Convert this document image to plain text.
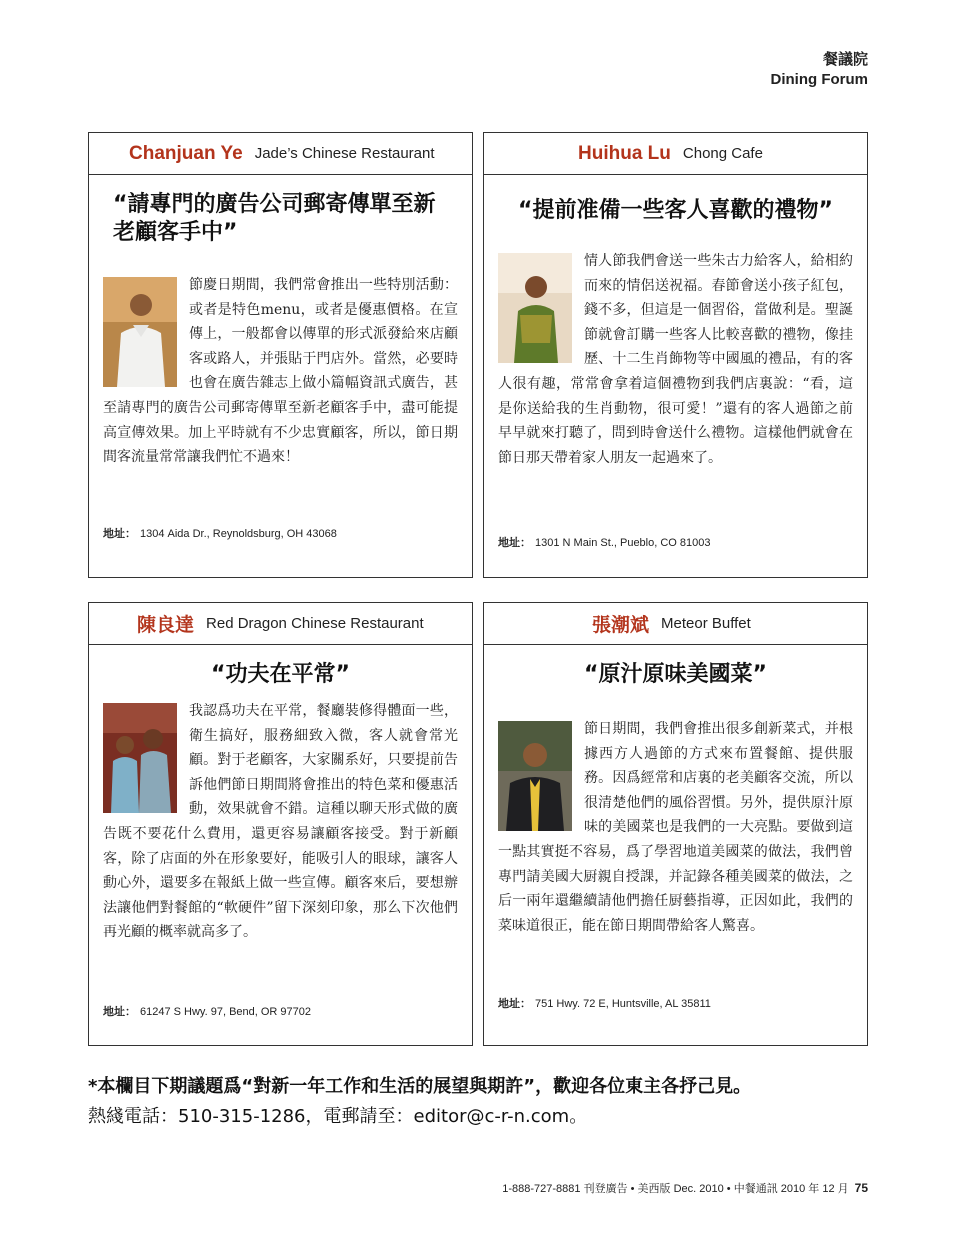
餐議院
Dining Forum
Chanjuan Ye Jade’s Chinese Restaurant
“請專門的廣告公司郵寄傳單至新老顧客手中”
節慶日期間，我們常會推出一些特別活動：或者是特色menu，或者是優惠價格。在宣傳上，一般都會以傳單的形式派發給來店顧客或路人，并張貼于門店外。當然，必要時也會在廣告雜志上做小篇幅資訊式廣告，甚至請專門的廣告公司郵寄傳單至新老顧客手中，盡可能提高宣傳效果。加上平時就有不少忠實顧客，所以，節日期間客流量常常讓我們忙不過來！
地址： 1304 Aida Dr., Reynoldsburg, OH 43068
Huihua Lu Chong Cafe
“提前准備一些客人喜歡的禮物”
情人節我們會送一些朱古力給客人，給相約而來的情侶送祝福。春節會送小孩子紅包，錢不多，但這是一個習俗，當做利是。聖誕節就會訂購一些客人比較喜歡的禮物，像挂歷、十二生肖飾物等中國風的禮品，有的客人很有趣，常常會拿着這個禮物到我們店裏說：“看，這是你送給我的生肖動物，很可愛！”還有的客人過節之前早早就來打聽了，問到時會送什么禮物。這樣他們就會在節日那天帶着家人朋友一起過來了。
地址： 1301 N Main St., Pueblo, CO 81003
陳良達 Red Dragon Chinese Restaurant
“功夫在平常”
我認爲功夫在平常，餐廳裝修得體面一些，衛生搞好，服務細致入微，客人就會常光顧。對于老顧客，大家關系好，只要提前告訴他們節日期間將會推出的特色菜和優惠活動，效果就會不錯。這種以聊天形式做的廣告既不要花什么費用，還更容易讓顧客接受。對于新顧客，除了店面的外在形象要好，能吸引人的眼球，讓客人動心外，還要多在報紙上做一些宣傳。顧客來后，要想辦法讓他們對餐館的“軟硬件”留下深刻印象，那么下次他們再光顧的概率就高多了。
地址： 61247 S Hwy. 97, Bend, OR 97702
張潮斌 Meteor Buffet
“原汁原味美國菜”
節日期間，我們會推出很多創新菜式，并根據西方人過節的方式來布置餐館、提供服務。因爲經常和店裏的老美顧客交流，所以很清楚他們的風俗習慣。另外，提供原汁原味的美國菜也是我們的一大亮點。要做到這一點其實挺不容易，爲了學習地道美國菜的做法，我們曾專門請美國大厨親自授課，并記錄各種美國菜的做法，之后一兩年還繼續請他們擔任厨藝指導，正因如此，我們的菜味道很正，能在節日期間帶給客人驚喜。
地址： 751 Hwy. 72 E, Huntsville, AL 35811
*本欄目下期議題爲“對新一年工作和生活的展望與期許”，歡迎各位東主各抒己見。
熱綫電話：510-315-1286，電郵請至：editor@c-r-n.com。
1-888-727-8881 刊登廣告 • 美西版 Dec. 2010 • 中餐通訊 2010 年 12 月 75
